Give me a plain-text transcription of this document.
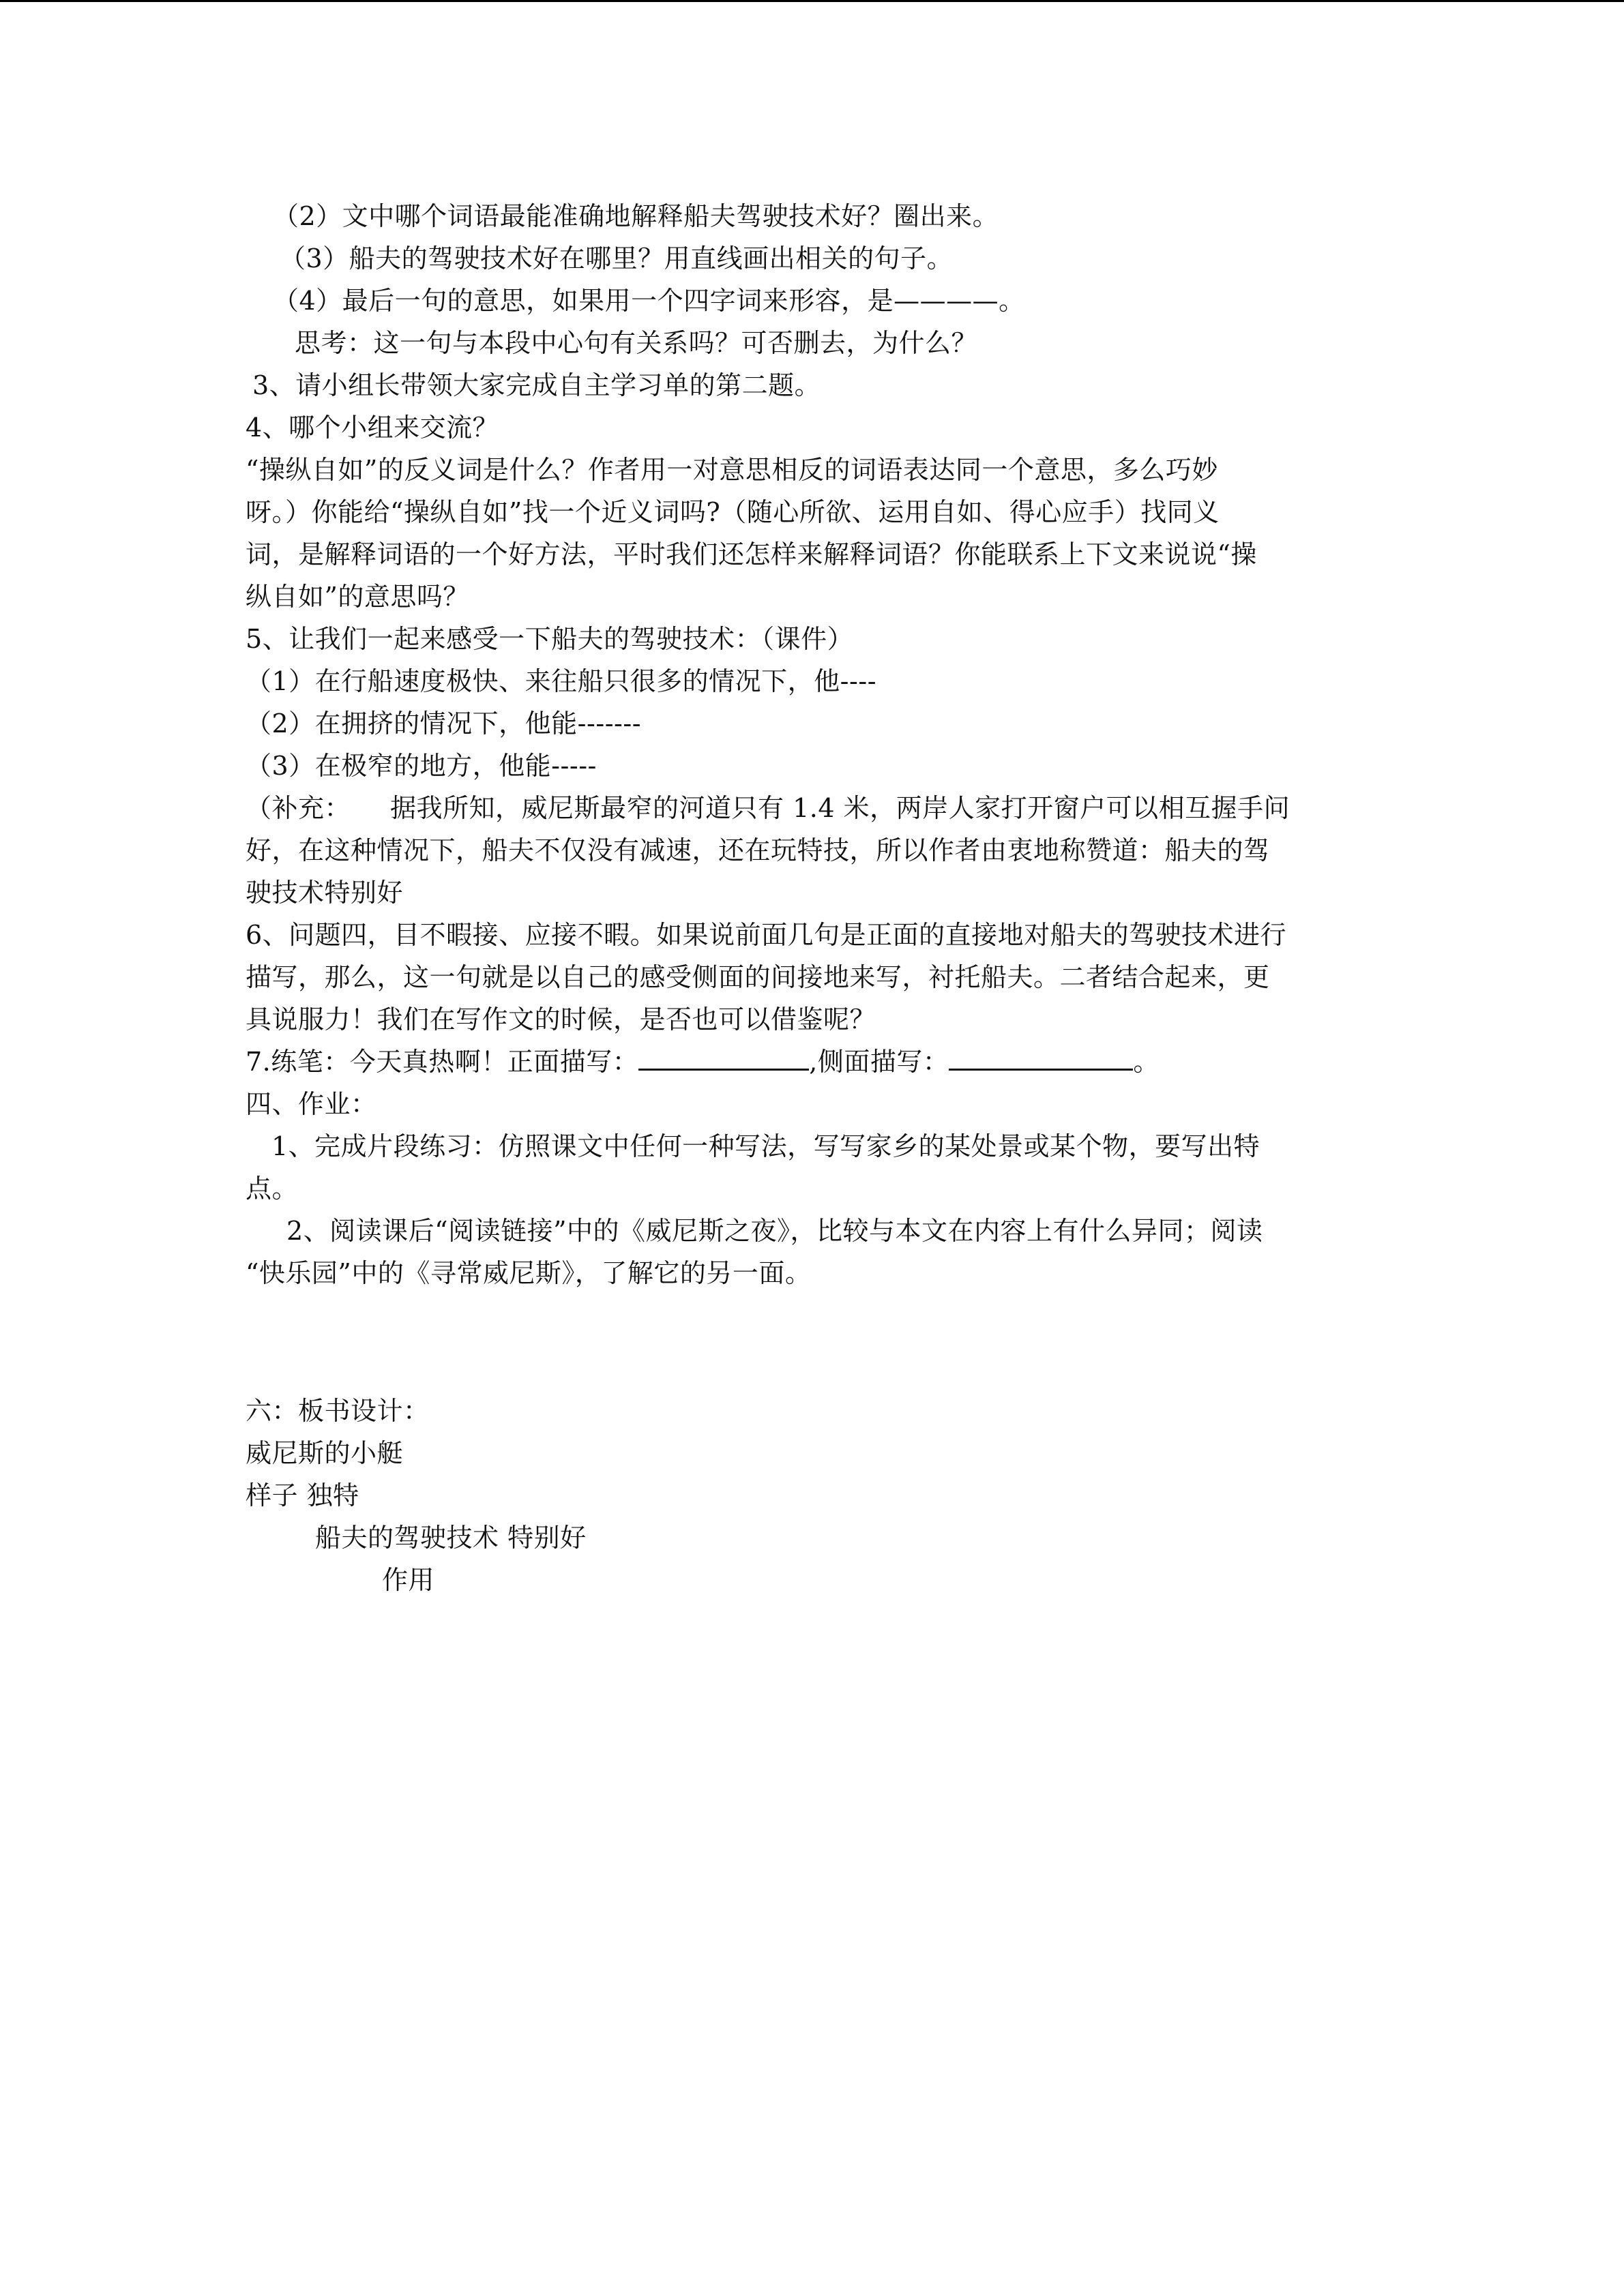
（2）文中哪个词语最能准确地解释船夫驾驶技术好？圈出来。
（3）船夫的驾驶技术好在哪里？用直线画出相关的句子。
（4）最后一句的意思，如果用一个四字词来形容，是————。
思考：这一句与本段中心句有关系吗？可否删去，为什么？
3、请小组长带领大家完成自主学习单的第二题。
4、哪个小组来交流？
“操纵自如”的反义词是什么？作者用一对意思相反的词语表达同一个意思，多么巧妙
呀。）你能给“操纵自如”找一个近义词吗?（随心所欲、运用自如、得心应手）找同义
词，是解释词语的一个好方法，平时我们还怎样来解释词语？你能联系上下文来说说“操
纵自如”的意思吗？
5、让我们一起来感受一下船夫的驾驶技术：（课件）
（1）在行船速度极快、来往船只很多的情况下，他----
（2）在拥挤的情况下，他能-------
（3）在极窄的地方，他能-----
（补充：　　据我所知，威尼斯最窄的河道只有 1.4 米，两岸人家打开窗户可以相互握手问
好，在这种情况下，船夫不仅没有减速，还在玩特技，所以作者由衷地称赞道：船夫的驾
驶技术特别好
6、问题四，目不暇接、应接不暇。如果说前面几句是正面的直接地对船夫的驾驶技术进行
描写，那么，这一句就是以自己的感受侧面的间接地来写，衬托船夫。二者结合起来，更
具说服力！我们在写作文的时候，是否也可以借鉴呢？
7.练笔：今天真热啊！正面描写：	,侧面描写：	。
四、作业：
1、完成片段练习：仿照课文中任何一种写法，写写家乡的某处景或某个物，要写出特
点。
2、阅读课后“阅读链接”中的《威尼斯之夜》，比较与本文在内容上有什么异同；阅读
“快乐园”中的《寻常威尼斯》，了解它的另一面。
六：板书设计：
威尼斯的小艇
样子 独特
船夫的驾驶技术 特别好
作用
